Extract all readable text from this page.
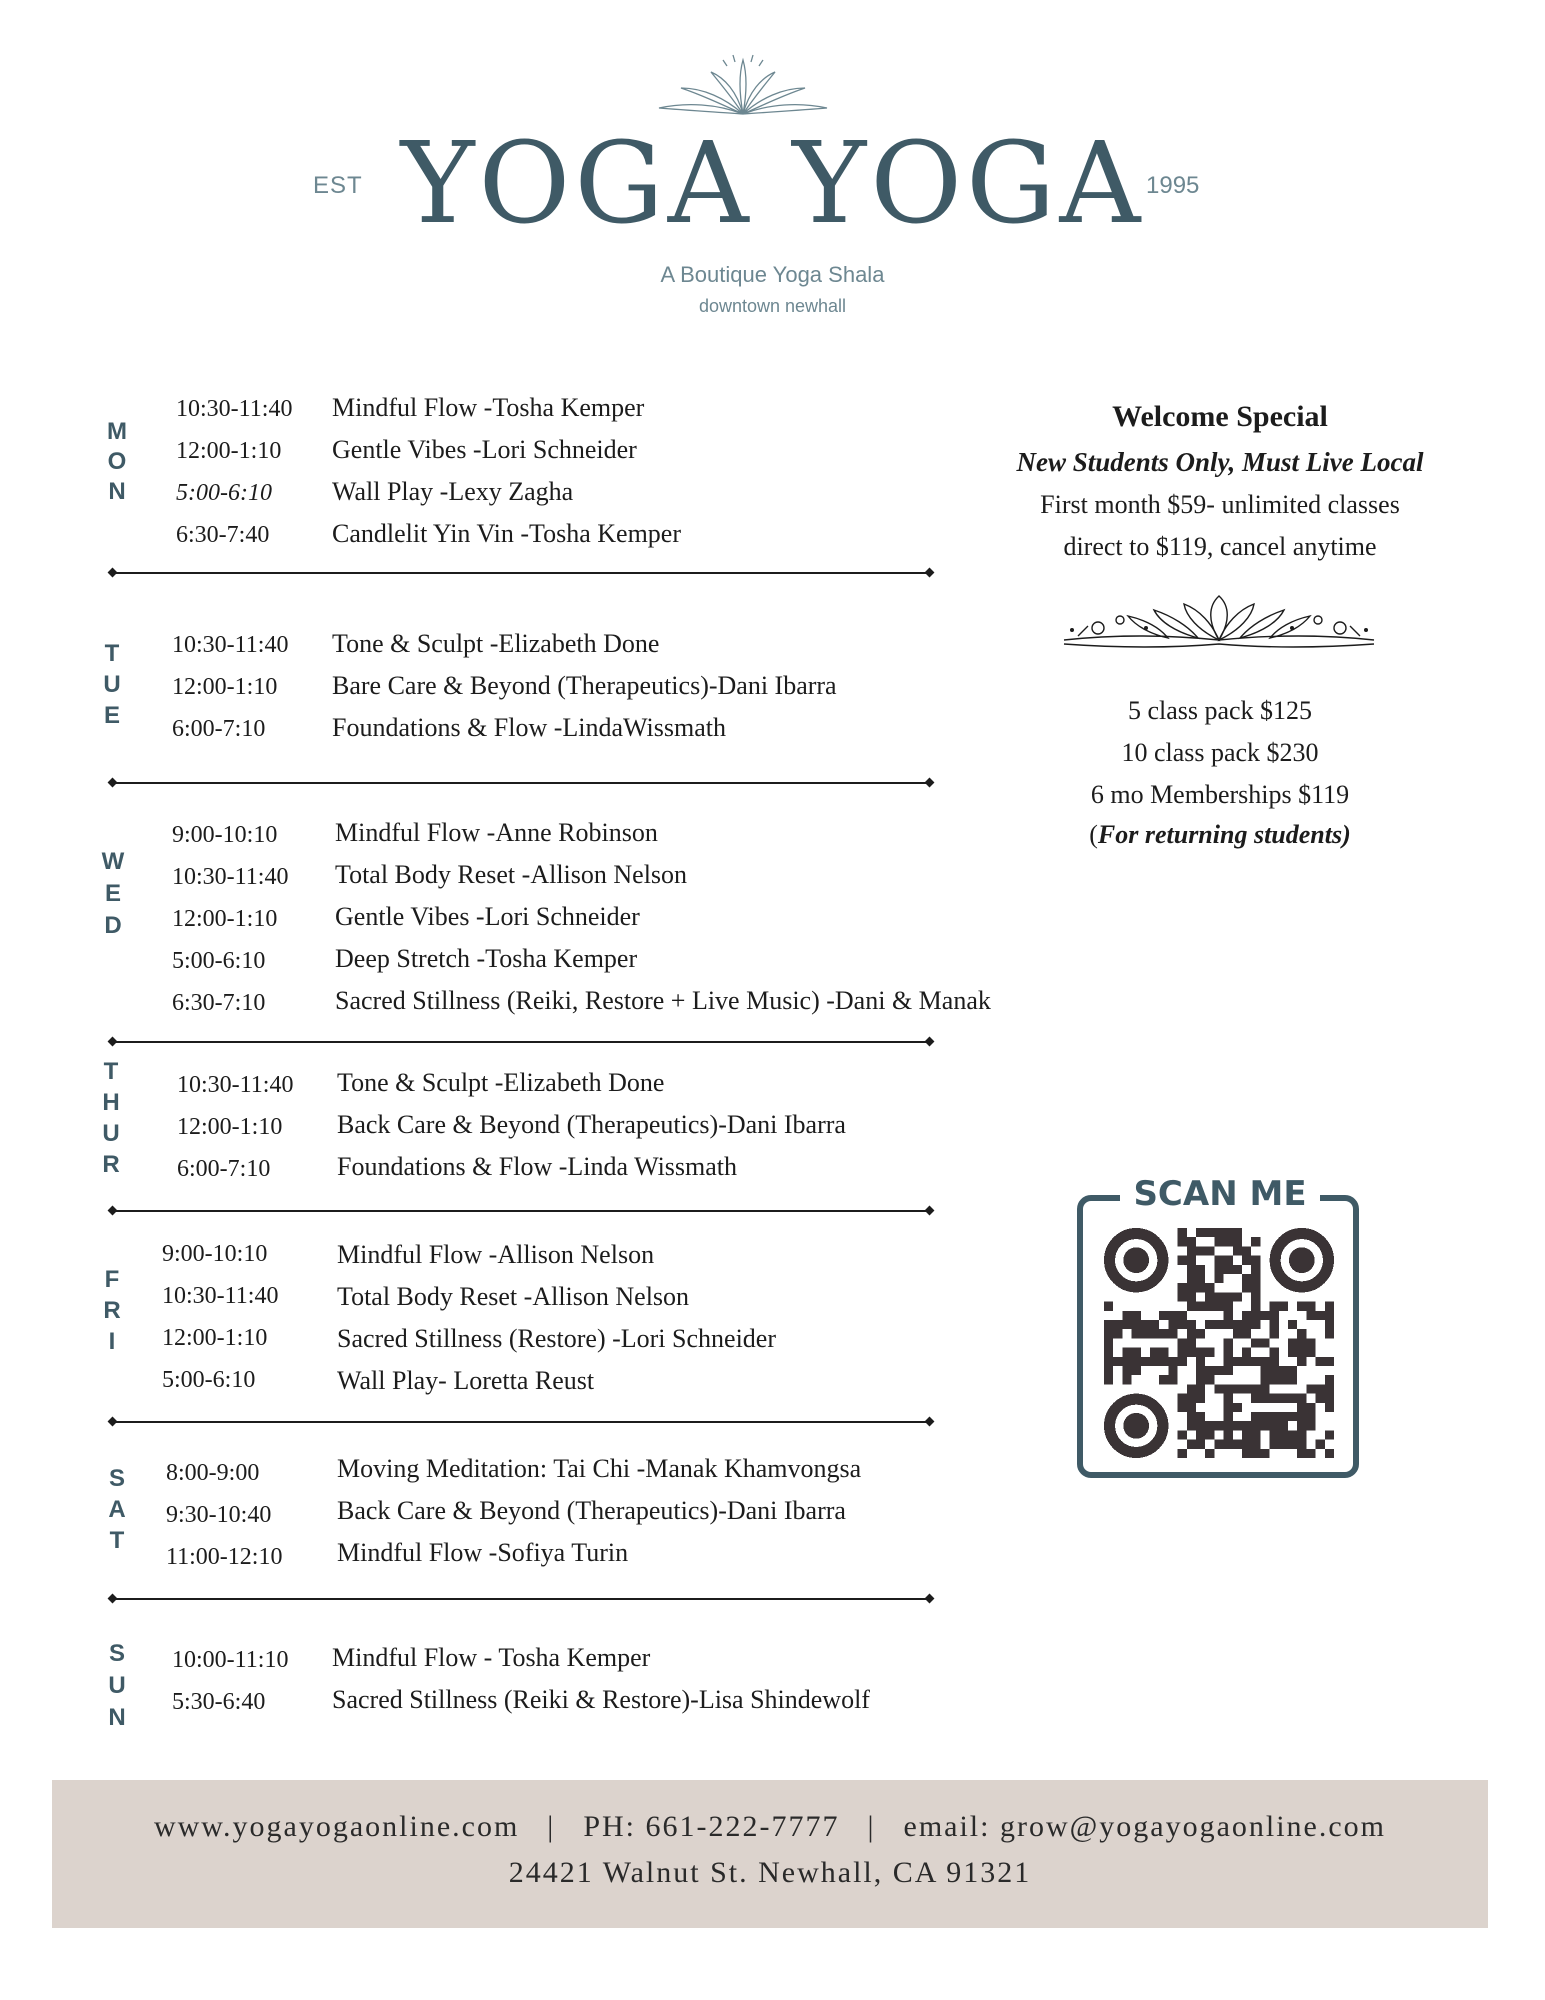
EST YOGA YOGA 1995
A Boutique Yoga Shala
downtown newhall
M
O
N
10:30-11:40 Mindful Flow -Tosha Kemper
12:00-1:10 Gentle Vibes -Lori Schneider
5:00-6:10 Wall Play -Lexy Zagha
6:30-7:40 Candlelit Yin Vin -Tosha Kemper
T
U
E
10:30-11:40 Tone & Sculpt -Elizabeth Done
12:00-1:10 Bare Care & Beyond (Therapeutics)-Dani Ibarra
6:00-7:10	Foundations & Flow -LindaWissmath
W
E
D
9:00-10:10 Mindful Flow -Anne Robinson
10:30-11:40 Total Body Reset -Allison Nelson
12:00-1:10 Gentle Vibes -Lori Schneider
5:00-6:10	Deep Stretch -Tosha Kemper
6:30-7:10	Sacred Stillness (Reiki, Restore + Live Music) -Dani & Manak
T
H
U
R
10:30-11:40 Tone & Sculpt -Elizabeth Done
12:00-1:10 Back Care & Beyond (Therapeutics)-Dani Ibarra
6:00-7:10	Foundations & Flow -Linda Wissmath
F
R
I
9:00-10:10	Mindful Flow -Allison Nelson
10:30-11:40 Total Body Reset -Allison Nelson
12:00-1:10	Sacred Stillness (Restore) -Lori Schneider
5:00-6:10	Wall Play- Loretta Reust
S
A
T
8:00-9:00	Moving Meditation: Tai Chi -Manak Khamvongsa
9:30-10:40	Back Care & Beyond (Therapeutics)-Dani Ibarra
11:00-12:10 Mindful Flow -Sofiya Turin
S
U
N
10:00-11:10 Mindful Flow - Tosha Kemper
5:30-6:40	Sacred Stillness (Reiki & Restore)-Lisa Shindewolf
Welcome Special
New Students Only, Must Live Local
First month $59- unlimited classes
direct to $119, cancel anytime
5 class pack $125
10 class pack $230
6 mo Memberships $119
(For returning students)
SCAN ME
www.yogayogaonline.com | PH: 661-222-7777 | email: grow@yogayogaonline.com
24421 Walnut St. Newhall, CA 91321
